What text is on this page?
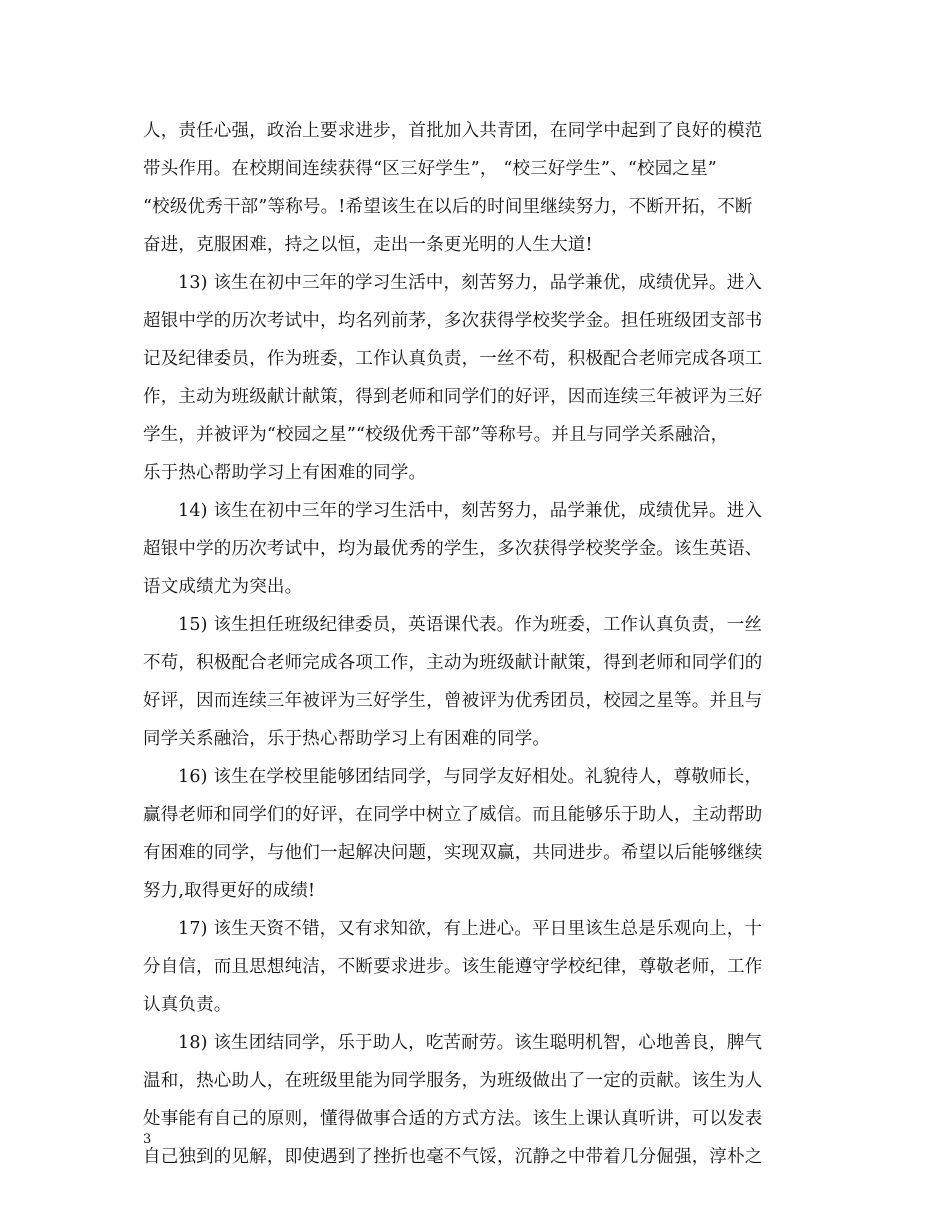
人，责任心强，政治上要求进步，首批加入共青团，在同学中起到了良好的模范
带头作用。在校期间连续获得“区三好学生”， “校三好学生”、“校园之星”
“校级优秀干部”等称号。!希望该生在以后的时间里继续努力，不断开拓，不断
奋进，克服困难，持之以恒，走出一条更光明的人生大道!
13) 该生在初中三年的学习生活中，刻苦努力，品学兼优，成绩优异。进入
超银中学的历次考试中，均名列前茅，多次获得学校奖学金。担任班级团支部书
记及纪律委员，作为班委，工作认真负责，一丝不苟，积极配合老师完成各项工
作，主动为班级献计献策，得到老师和同学们的好评，因而连续三年被评为三好
学生，并被评为“校园之星”“校级优秀干部”等称号。并且与同学关系融洽，
乐于热心帮助学习上有困难的同学。
14) 该生在初中三年的学习生活中，刻苦努力，品学兼优，成绩优异。进入
超银中学的历次考试中，均为最优秀的学生，多次获得学校奖学金。该生英语、
语文成绩尤为突出。
15) 该生担任班级纪律委员，英语课代表。作为班委，工作认真负责，一丝
不苟，积极配合老师完成各项工作，主动为班级献计献策，得到老师和同学们的
好评，因而连续三年被评为三好学生，曾被评为优秀团员，校园之星等。并且与
同学关系融洽，乐于热心帮助学习上有困难的同学。
16) 该生在学校里能够团结同学，与同学友好相处。礼貌待人，尊敬师长，
赢得老师和同学们的好评，在同学中树立了威信。而且能够乐于助人，主动帮助
有困难的同学，与他们一起解决问题，实现双赢，共同进步。希望以后能够继续
努力,取得更好的成绩!
17) 该生天资不错，又有求知欲，有上进心。平日里该生总是乐观向上，十
分自信，而且思想纯洁，不断要求进步。该生能遵守学校纪律，尊敬老师，工作
认真负责。
18) 该生团结同学，乐于助人，吃苦耐劳。该生聪明机智，心地善良，脾气
温和，热心助人，在班级里能为同学服务，为班级做出了一定的贡献。该生为人
处事能有自己的原则，懂得做事合适的方式方法。该生上课认真听讲，可以发表
自己独到的见解，即使遇到了挫折也毫不气馁，沉静之中带着几分倔强，淳朴之
3
